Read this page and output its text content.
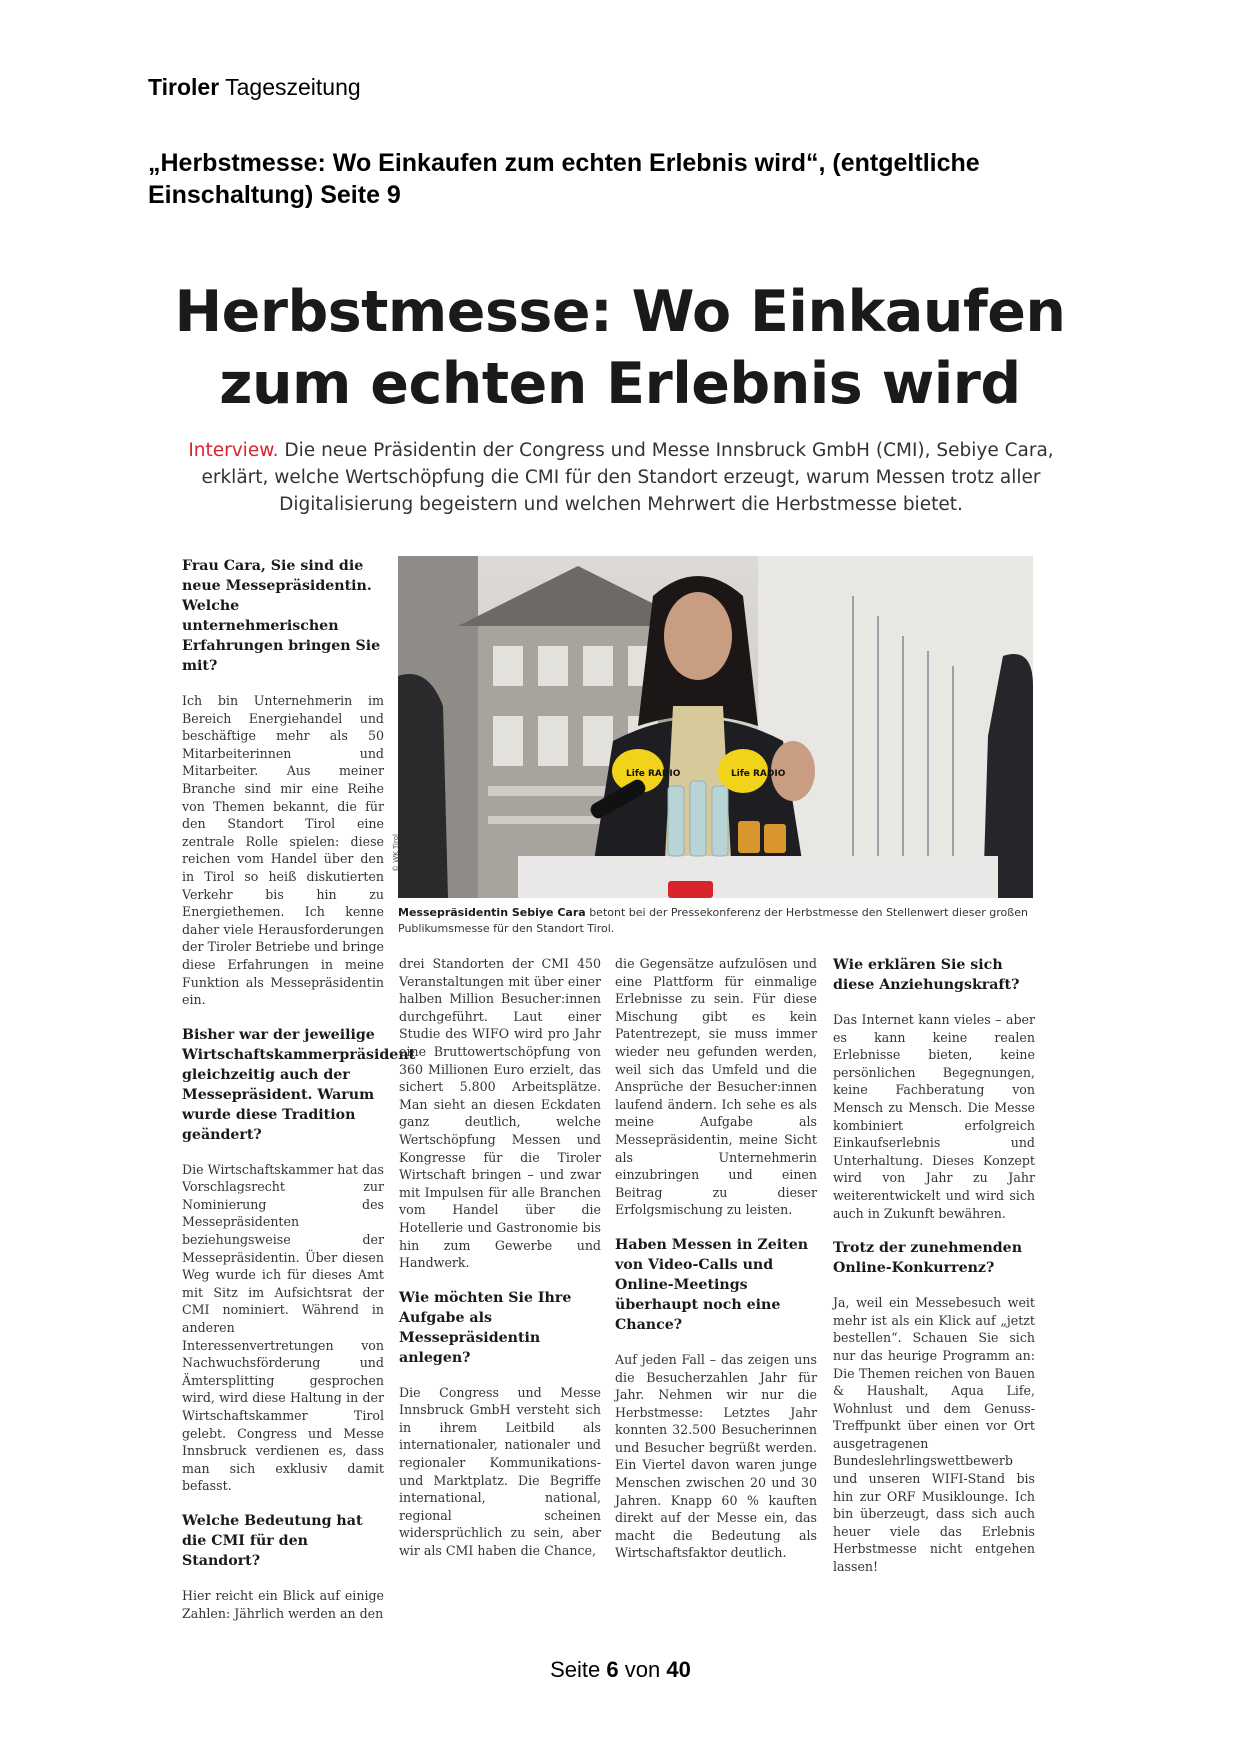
Tiroler Tageszeitung
„Herbstmesse: Wo Einkaufen zum echten Erlebnis wird“, (entgeltliche Einschaltung) Seite 9
Herbstmesse: Wo Einkaufen
zum echten Erlebnis wird
Interview. Die neue Präsidentin der Congress und Messe Innsbruck GmbH (CMI), Sebiye Cara, erklärt, welche Wertschöpfung die CMI für den Standort erzeugt, warum Messen trotz aller Digitalisierung begeistern und welchen Mehrwert die Herbstmesse bietet.
Frau Cara, Sie sind die neue Messepräsidentin. Welche unternehmerischen Erfahrungen bringen Sie mit?

Ich bin Unternehmerin im Bereich Energiehandel und beschäftige mehr als 50 Mitarbeiterinnen und Mitarbeiter. Aus meiner Branche sind mir eine Reihe von Themen bekannt, die für den Standort Tirol eine zentrale Rolle spielen: diese reichen vom Handel über den in Tirol so heiß diskutierten Verkehr bis hin zu Energiethemen. Ich kenne daher viele Herausforderungen der Tiroler Betriebe und bringe diese Erfahrungen in meine Funktion als Messepräsidentin ein.

Bisher war der jeweilige Wirtschaftskammerpräsident gleichzeitig auch der Messepräsident. Warum wurde diese Tradition geändert?

Die Wirtschaftskammer hat das Vorschlagsrecht zur Nominierung des Messepräsidenten beziehungsweise der Messepräsidentin. Über diesen Weg wurde ich für dieses Amt mit Sitz im Aufsichtsrat der CMI nominiert. Während in anderen Interessenvertretungen von Nachwuchsförderung und Ämtersplitting gesprochen wird, wird diese Haltung in der Wirtschaftskammer Tirol gelebt. Congress und Messe Innsbruck verdienen es, dass man sich exklusiv damit befasst.

Welche Bedeutung hat die CMI für den Standort?

Hier reicht ein Blick auf einige Zahlen: Jährlich werden an den

Life RADIO	Life RADIO
© WK Tirol
Messepräsidentin Sebiye Cara betont bei der Pressekonferenz der Herbstmesse den Stellenwert dieser großen Publikumsmesse für den Standort Tirol.

drei Standorten der CMI 450 Veranstaltungen mit über einer halben Million Besucher:innen durchgeführt. Laut einer Studie des WIFO wird pro Jahr eine Bruttowertschöpfung von 360 Millionen Euro erzielt, das sichert 5.800 Arbeitsplätze. Man sieht an diesen Eckdaten ganz deutlich, welche Wertschöpfung Messen und Kongresse für die Tiroler Wirtschaft bringen – und zwar mit Impulsen für alle Branchen vom Handel über die Hotellerie und Gastronomie bis hin zum Gewerbe und Handwerk.

Wie möchten Sie Ihre Aufgabe als Messepräsidentin anlegen?

Die Congress und Messe Innsbruck GmbH versteht sich in ihrem Leitbild als internationaler, nationaler und regionaler Kommunikations- und Marktplatz. Die Begriffe international, national, regional scheinen widersprüchlich zu sein, aber wir als CMI haben die Chance,

die Gegensätze aufzulösen und eine Plattform für einmalige Erlebnisse zu sein. Für diese Mischung gibt es kein Patentrezept, sie muss immer wieder neu gefunden werden, weil sich das Umfeld und die Ansprüche der Besucher:innen laufend ändern. Ich sehe es als meine Aufgabe als Messepräsidentin, meine Sicht als Unternehmerin einzubringen und einen Beitrag zu dieser Erfolgsmischung zu leisten.

Haben Messen in Zeiten von Video-Calls und Online-Meetings überhaupt noch eine Chance?

Auf jeden Fall – das zeigen uns die Besucherzahlen Jahr für Jahr. Nehmen wir nur die Herbstmesse: Letztes Jahr konnten 32.500 Besucherinnen und Besucher begrüßt werden. Ein Viertel davon waren junge Menschen zwischen 20 und 30 Jahren. Knapp 60 % kauften direkt auf der Messe ein, das macht die Bedeutung als Wirtschaftsfaktor deutlich.

Wie erklären Sie sich diese Anziehungskraft?

Das Internet kann vieles – aber es kann keine realen Erlebnisse bieten, keine persönlichen Begegnungen, keine Fachberatung von Mensch zu Mensch. Die Messe kombiniert erfolgreich Einkaufserlebnis und Unterhaltung. Dieses Konzept wird von Jahr zu Jahr weiterentwickelt und wird sich auch in Zukunft bewähren.

Trotz der zunehmenden Online-Konkurrenz?

Ja, weil ein Messebesuch weit mehr ist als ein Klick auf „jetzt bestellen“. Schauen Sie sich nur das heurige Programm an: Die Themen reichen von Bauen & Haushalt, Aqua Life, Wohnlust und dem Genuss-Treffpunkt über einen vor Ort ausgetragenen Bundeslehrlingswettbewerb und unseren WIFI-Stand bis hin zur ORF Musiklounge. Ich bin überzeugt, dass sich auch heuer viele das Erlebnis Herbstmesse nicht entgehen lassen!

Seite 6 von 40
